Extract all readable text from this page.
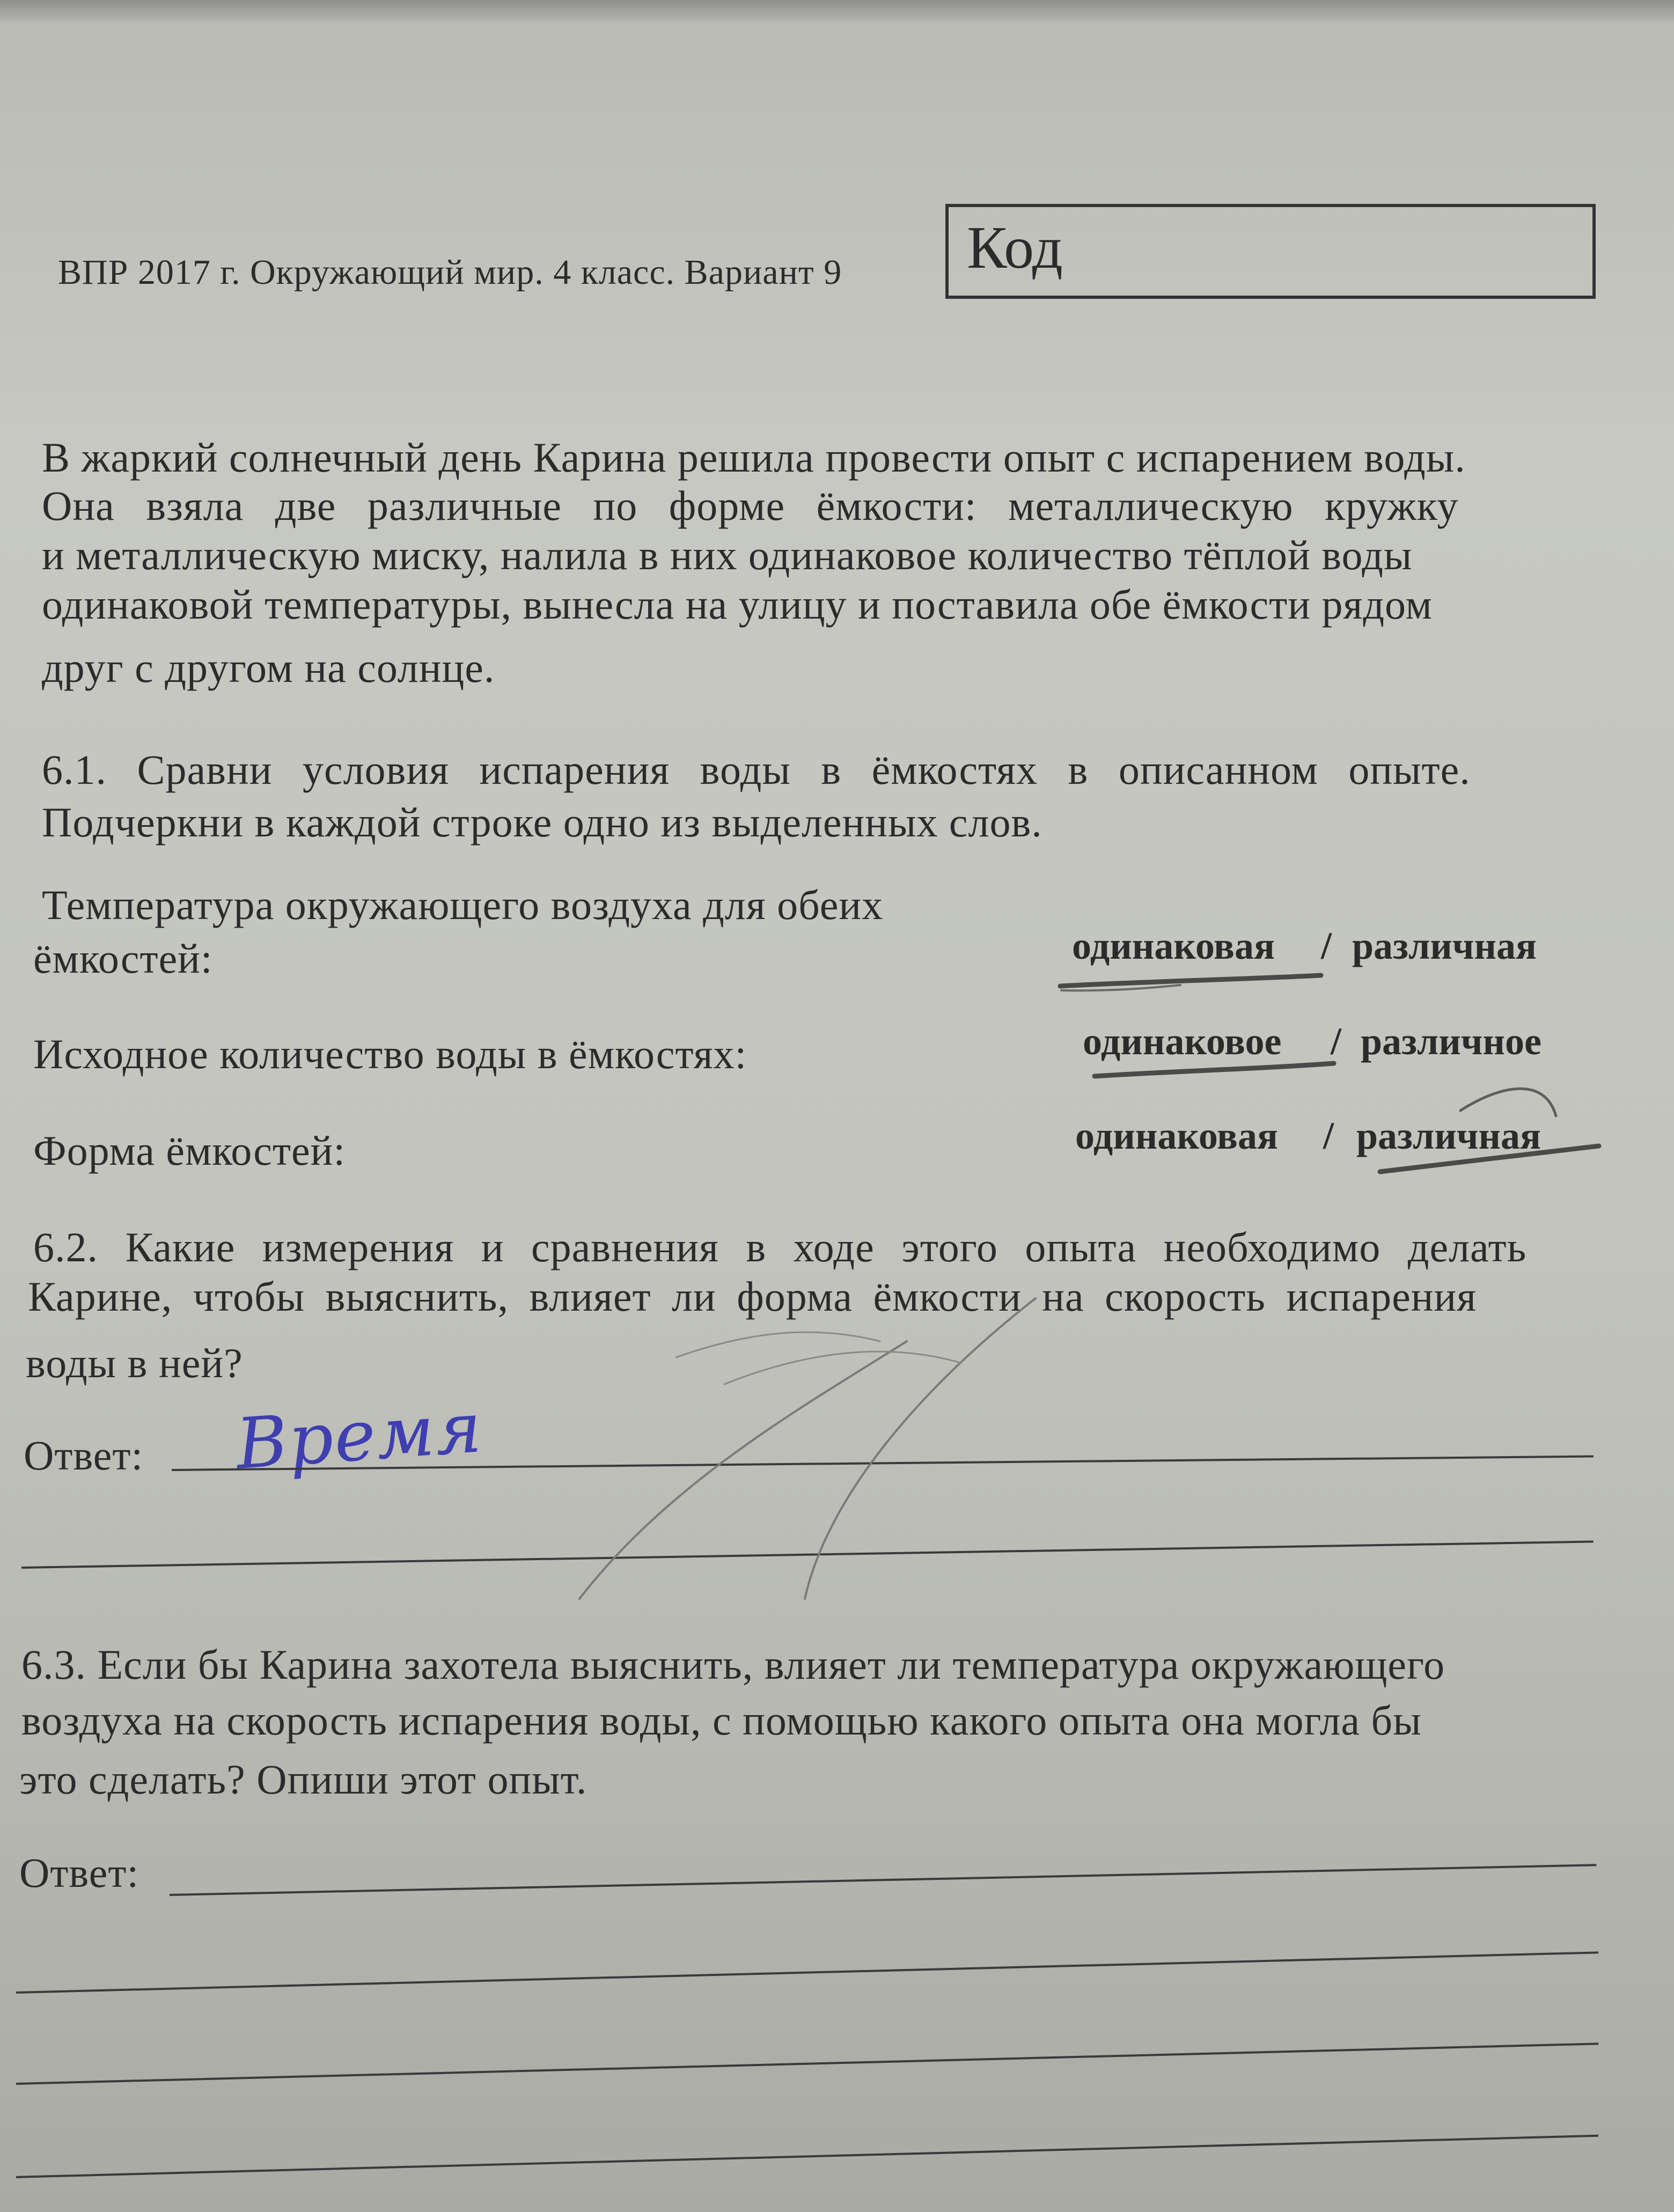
ВПР 2017 г. Окружающий мир. 4 класс. Вариант 9 Код
В жаркий солнечный день Карина решила провести опыт с испарением воды.
Она взяла две различные по форме ёмкости: металлическую кружку
и металлическую миску, налила в них одинаковое количество тёплой воды
одинаковой температуры, вынесла на улицу и поставила обе ёмкости рядом
друг с другом на солнце.
6.1. Сравни условия испарения воды в ёмкостях в описанном опыте.
Подчеркни в каждой строке одно из выделенных слов.
Температура окружающего воздуха для обеих
ёмкостей:	одинаковая / различная
Исходное количество воды в ёмкостях:	одинаковое / различное
Форма ёмкостей:	одинаковая / различная
6.2. Какие измерения и сравнения в ходе этого опыта необходимо делать
Карине, чтобы выяснить, влияет ли форма ёмкости на скорость испарения
воды в ней?
Ответ: Время
6.3. Если бы Карина захотела выяснить, влияет ли температура окружающего
воздуха на скорость испарения воды, с помощью какого опыта она могла бы
это сделать? Опиши этот опыт.
Ответ:
